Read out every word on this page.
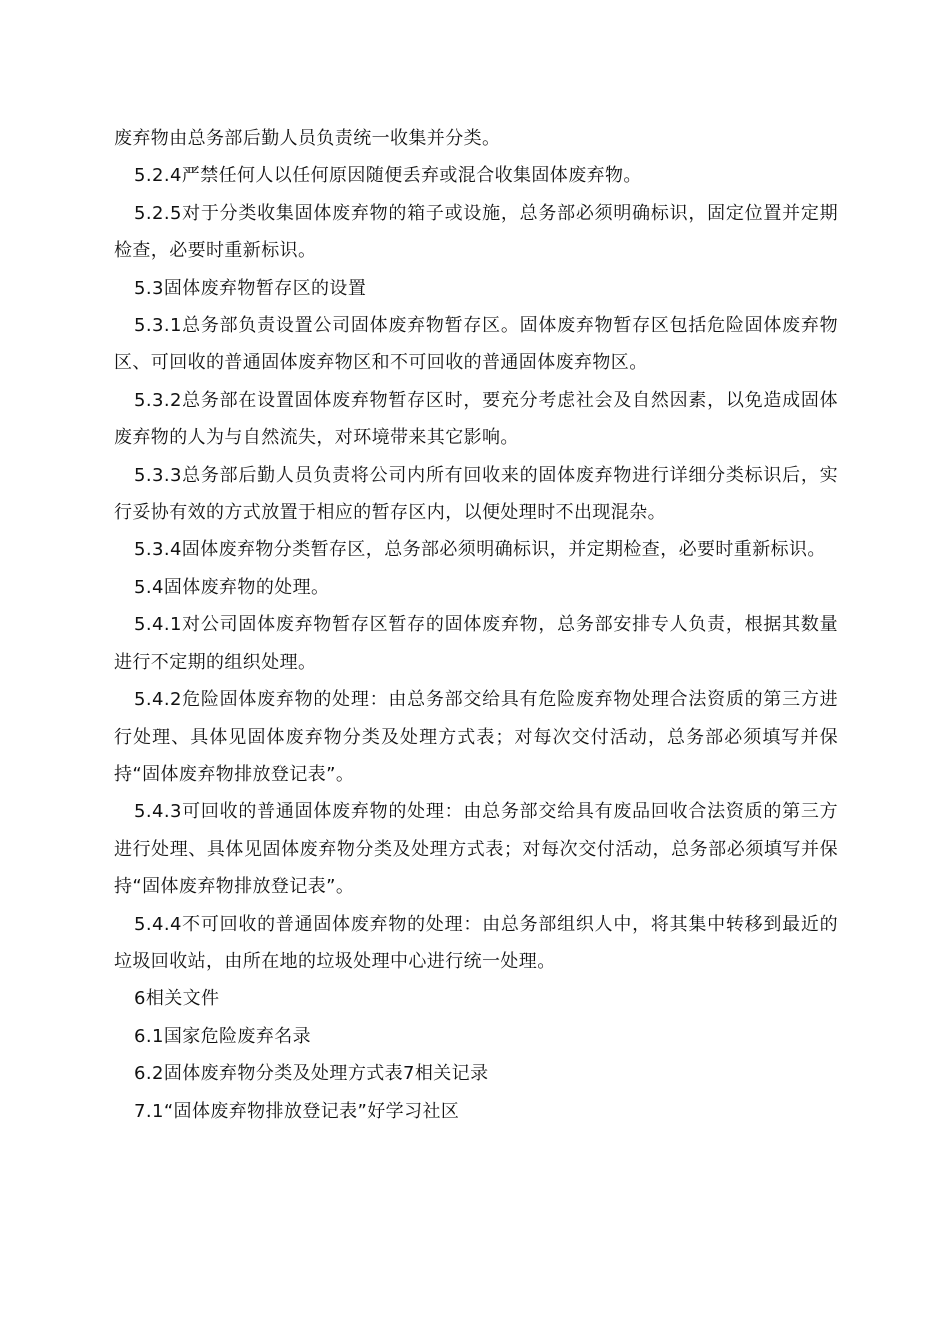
废弃物由总务部后勤人员负责统一收集并分类。

5.2.4严禁任何人以任何原因随便丢弃或混合收集固体废弃物。

5.2.5对于分类收集固体废弃物的箱子或设施，总务部必须明确标识，固定位置并定期检查，必要时重新标识。

5.3固体废弃物暂存区的设置

5.3.1总务部负责设置公司固体废弃物暂存区。固体废弃物暂存区包括危险固体废弃物区、可回收的普通固体废弃物区和不可回收的普通固体废弃物区。

5.3.2总务部在设置固体废弃物暂存区时，要充分考虑社会及自然因素，以免造成固体废弃物的人为与自然流失，对环境带来其它影响。

5.3.3总务部后勤人员负责将公司内所有回收来的固体废弃物进行详细分类标识后，实行妥协有效的方式放置于相应的暂存区内，以便处理时不出现混杂。

5.3.4固体废弃物分类暂存区，总务部必须明确标识，并定期检查，必要时重新标识。

5.4固体废弃物的处理。

5.4.1对公司固体废弃物暂存区暂存的固体废弃物，总务部安排专人负责，根据其数量进行不定期的组织处理。

5.4.2危险固体废弃物的处理：由总务部交给具有危险废弃物处理合法资质的第三方进行处理、具体见固体废弃物分类及处理方式表；对每次交付活动，总务部必须填写并保持“固体废弃物排放登记表”。

5.4.3可回收的普通固体废弃物的处理：由总务部交给具有废品回收合法资质的第三方进行处理、具体见固体废弃物分类及处理方式表；对每次交付活动，总务部必须填写并保持“固体废弃物排放登记表”。

5.4.4不可回收的普通固体废弃物的处理：由总务部组织人中，将其集中转移到最近的垃圾回收站，由所在地的垃圾处理中心进行统一处理。

6相关文件

6.1国家危险废弃名录

6.2固体废弃物分类及处理方式表7相关记录

7.1“固体废弃物排放登记表”好学习社区
